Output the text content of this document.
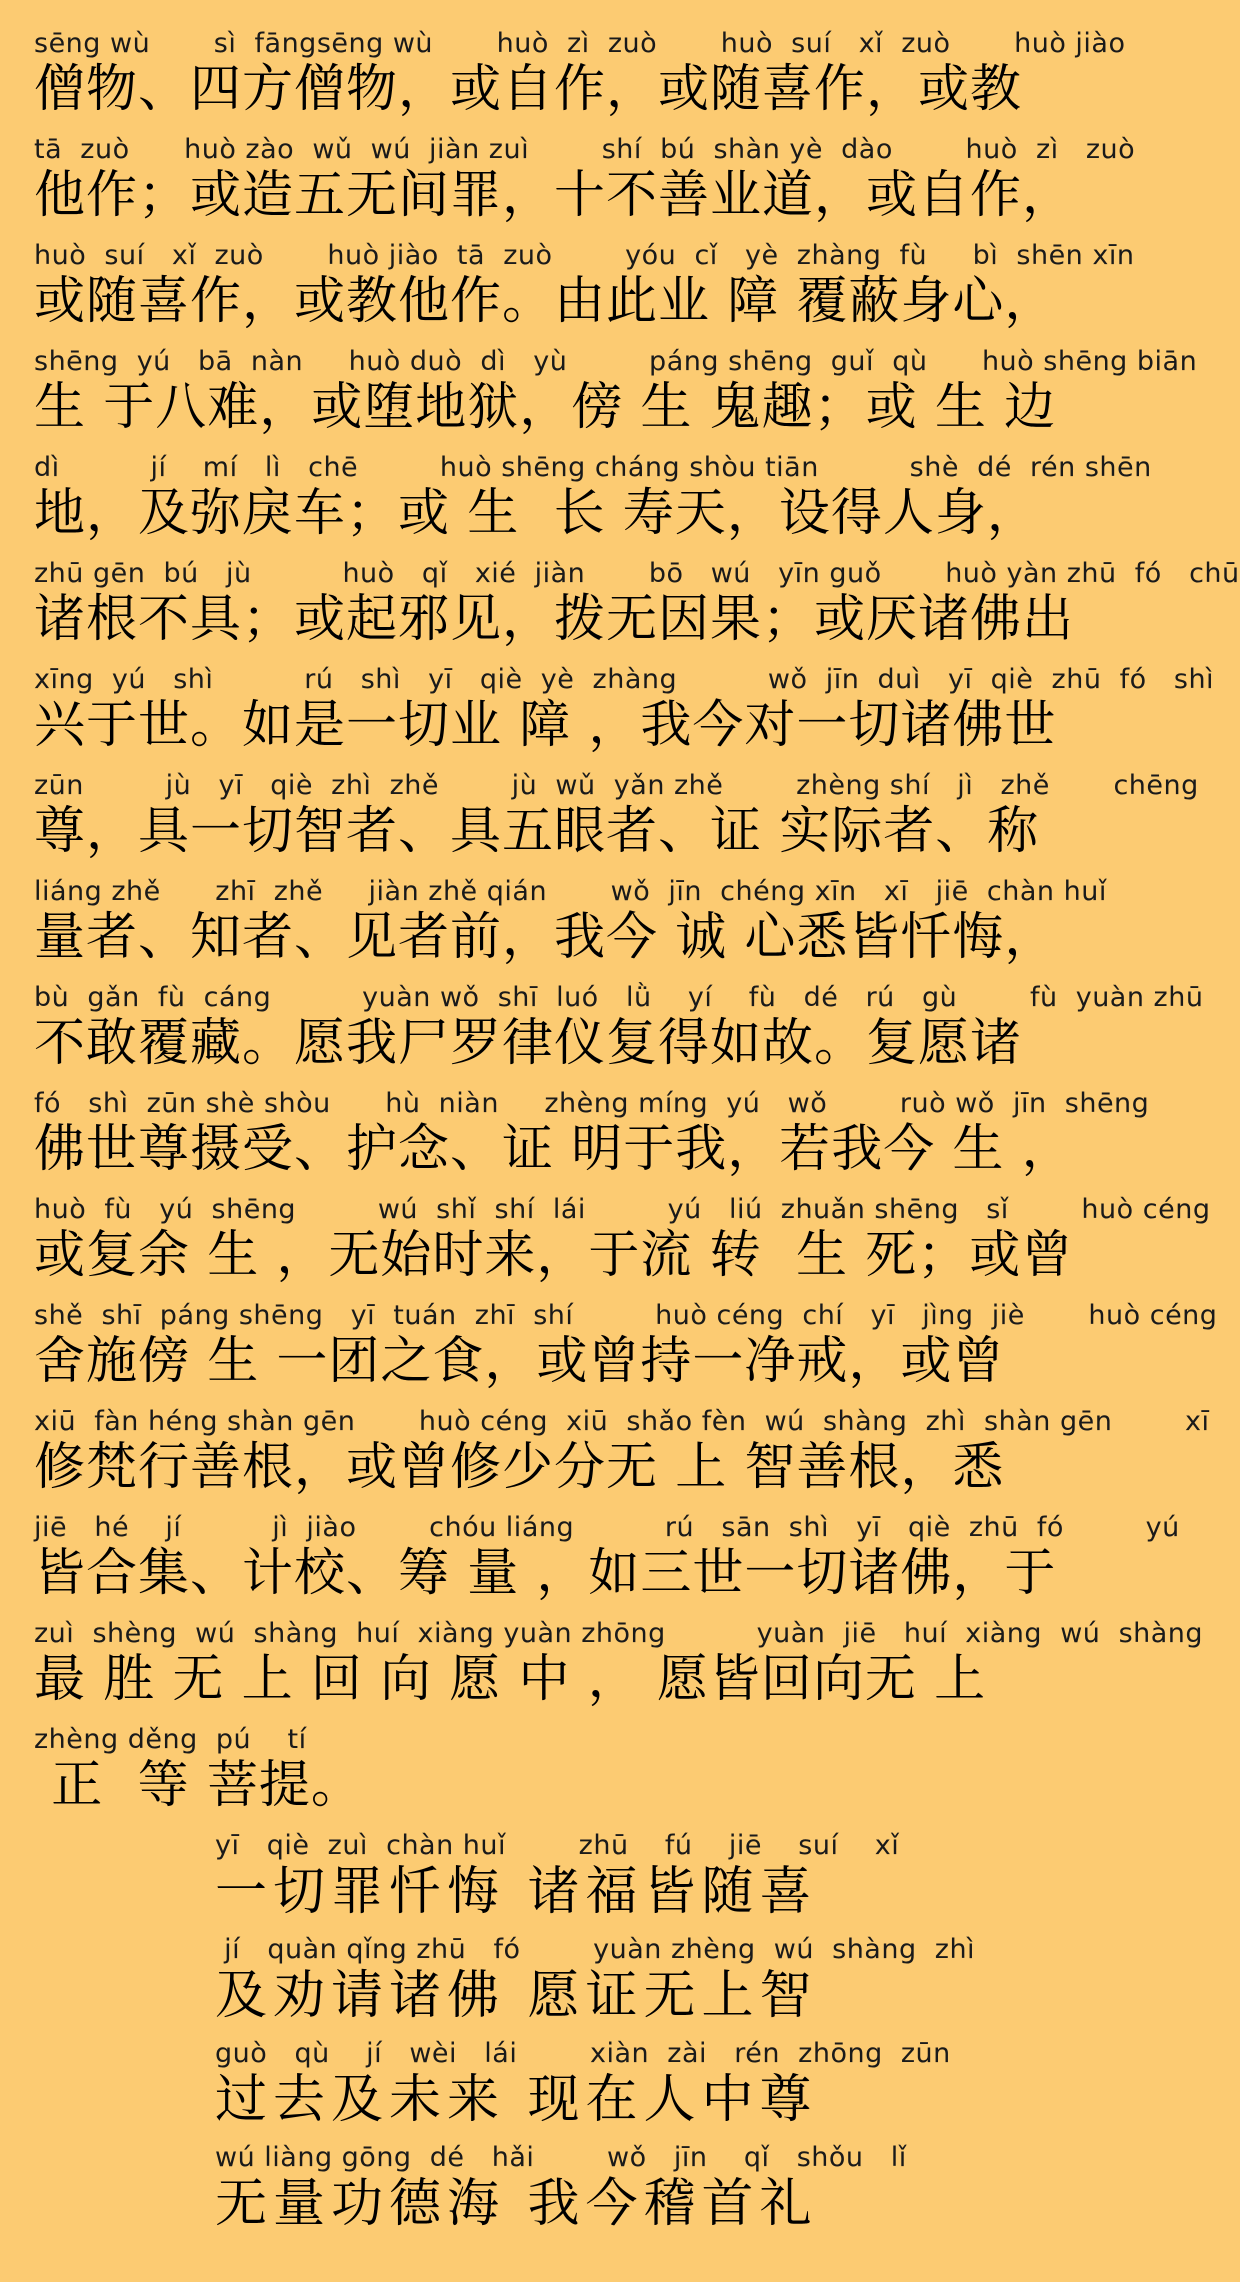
sēng wù       sì  fāngsēng wù       huò  zì  zuò       huò  suí   xǐ  zuò       huò jiào
僧物、四方僧物，或自作，或随喜作，或教
tā  zuò      huò zào  wǔ  wú  jiàn zuì        shí  bú  shàn yè  dào        huò  zì   zuò
他作；或造五无间罪，十不善业道，或自作，
huò  suí   xǐ  zuò       huò jiào  tā  zuò        yóu  cǐ   yè  zhàng  fù     bì  shēn xīn
或随喜作，或教他作。由此业 障 覆蔽身心，
shēng  yú   bā  nàn     huò duò  dì   yù         páng shēng  guǐ  qù      huò shēng biān
生 于八难，或堕地狱，傍 生 鬼趣；或 生 边
dì          jí    mí   lì   chē         huò shēng cháng shòu tiān          shè  dé  rén shēn
地，及弥戾车；或 生  长 寿天，设得人身，
zhū gēn  bú   jù          huò   qǐ   xié  jiàn       bō   wú   yīn guǒ       huò yàn zhū  fó   chū
诸根不具；或起邪见，拨无因果；或厌诸佛出
xīng  yú   shì          rú   shì   yī   qiè  yè  zhàng          wǒ  jīn  duì   yī  qiè  zhū  fó   shì
兴于世。如是一切业 障 ，我今对一切诸佛世
zūn         jù   yī   qiè  zhì  zhě        jù  wǔ  yǎn zhě        zhèng shí   jì   zhě       chēng
尊，具一切智者、具五眼者、证 实际者、称
liáng zhě      zhī  zhě     jiàn zhě qián       wǒ  jīn  chéng xīn   xī   jiē  chàn huǐ
量者、知者、见者前，我今 诚 心悉皆忏悔，
bù  gǎn  fù  cáng          yuàn wǒ  shī  luó   lǜ    yí    fù   dé   rú   gù        fù  yuàn zhū
不敢覆藏。愿我尸罗律仪复得如故。复愿诸
fó   shì  zūn shè shòu      hù  niàn     zhèng míng  yú   wǒ        ruò wǒ  jīn  shēng
佛世尊摄受、护念、证 明于我，若我今 生 ，
huò  fù   yú  shēng         wú  shǐ  shí  lái         yú   liú  zhuǎn shēng   sǐ        huò céng
或复余 生 ，无始时来，于流 转  生 死；或曾
shě  shī  páng shēng   yī  tuán  zhī  shí         huò céng  chí   yī   jìng  jiè       huò céng
舍施傍 生 一团之食，或曾持一净戒，或曾
xiū  fàn héng shàn gēn       huò céng  xiū  shǎo fèn  wú  shàng  zhì  shàn gēn        xī
修梵行善根，或曾修少分无 上 智善根，悉
jiē   hé    jí          jì  jiào        chóu liáng          rú   sān  shì   yī   qiè  zhū  fó         yú
皆合集、计校、筹 量 ，如三世一切诸佛，于
zuì  shèng  wú  shàng  huí  xiàng yuàn zhōng          yuàn  jiē   huí  xiàng  wú  shàng
最 胜 无 上 回 向 愿 中 ， 愿皆回向无 上
zhèng děng  pú    tí
正  等 菩提。
yī   qiè  zuì  chàn huǐ        zhū    fú    jiē    suí    xǐ
一切罪忏悔 诸福皆随喜
jí   quàn qǐng zhū   fó        yuàn zhèng  wú  shàng  zhì
及劝请诸佛 愿证无上智
guò   qù    jí   wèi   lái        xiàn  zài   rén  zhōng  zūn
过去及未来 现在人中尊
wú liàng gōng  dé   hǎi        wǒ   jīn    qǐ   shǒu   lǐ
无量功德海 我今稽首礼
